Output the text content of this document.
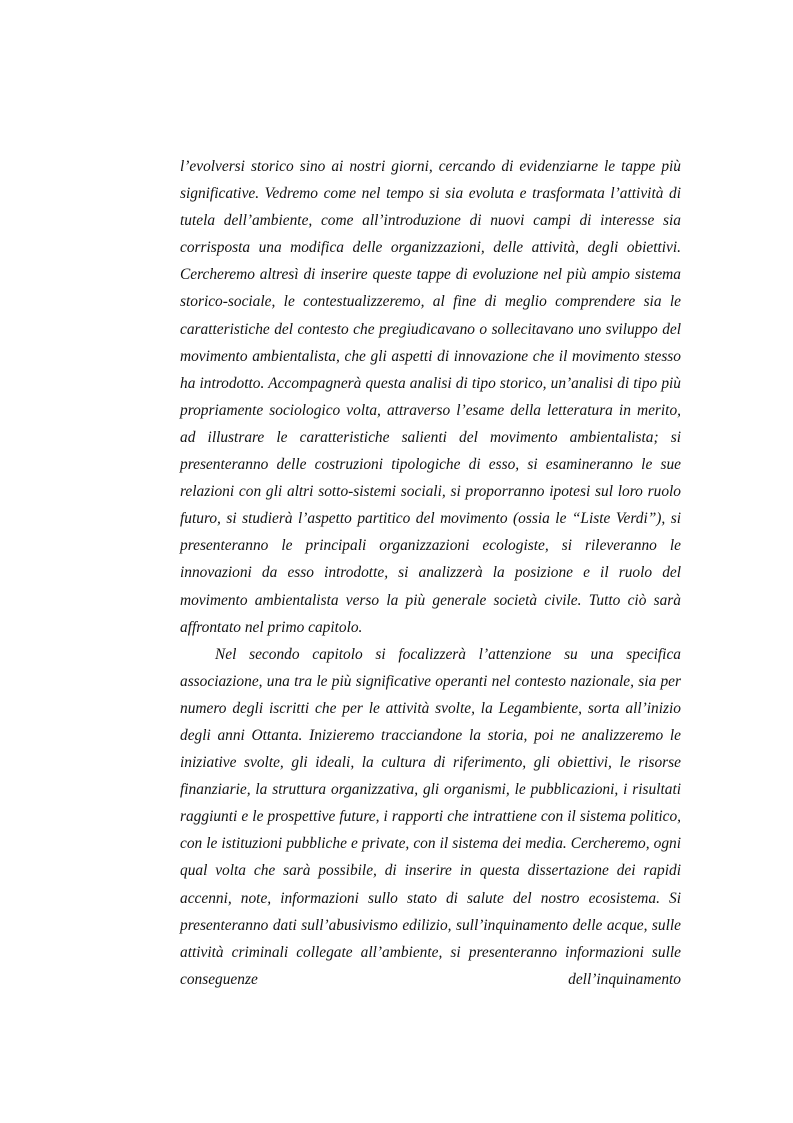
l’evolversi storico sino ai nostri giorni, cercando di evidenziarne le tappe più significative. Vedremo come nel tempo si sia evoluta e trasformata l’attività di tutela dell’ambiente, come all’introduzione di nuovi campi di interesse sia corrisposta una modifica delle organizzazioni, delle attività, degli obiettivi. Cercheremo altresì di inserire queste tappe di evoluzione nel più ampio sistema storico-sociale, le contestualizzeremo, al fine di meglio comprendere sia le caratteristiche del contesto che pregiudicavano o sollecitavano uno sviluppo del movimento ambientalista, che gli aspetti di innovazione che il movimento stesso ha introdotto. Accompagnerà questa analisi di tipo storico, un’analisi di tipo più propriamente sociologico volta, attraverso l’esame della letteratura in merito, ad illustrare le caratteristiche salienti del movimento ambientalista; si presenteranno delle costruzioni tipologiche di esso, si esamineranno le sue relazioni con gli altri sotto-sistemi sociali, si proporranno ipotesi sul loro ruolo futuro, si studierà l’aspetto partitico del movimento (ossia le “Liste Verdi”), si presenteranno le principali organizzazioni ecologiste, si rileveranno le innovazioni da esso introdotte, si analizzerà la posizione e il ruolo del movimento ambientalista verso la più generale società civile. Tutto ciò sarà affrontato nel primo capitolo.

Nel secondo capitolo si focalizzerà l’attenzione su una specifica associazione, una tra le più significative operanti nel contesto nazionale, sia per numero degli iscritti che per le attività svolte, la Legambiente, sorta all’inizio degli anni Ottanta. Inizieremo tracciandone la storia, poi ne analizzeremo le iniziative svolte, gli ideali, la cultura di riferimento, gli obiettivi, le risorse finanziarie, la struttura organizzativa, gli organismi, le pubblicazioni, i risultati raggiunti e le prospettive future, i rapporti che intrattiene con il sistema politico, con le istituzioni pubbliche e private, con il sistema dei media. Cercheremo, ogni qual volta che sarà possibile, di inserire in questa dissertazione dei rapidi accenni, note, informazioni sullo stato di salute del nostro ecosistema. Si presenteranno dati sull’abusivismo edilizio, sull’inquinamento delle acque, sulle attività criminali collegate all’ambiente, si presenteranno informazioni sulle conseguenze dell’inquinamento
